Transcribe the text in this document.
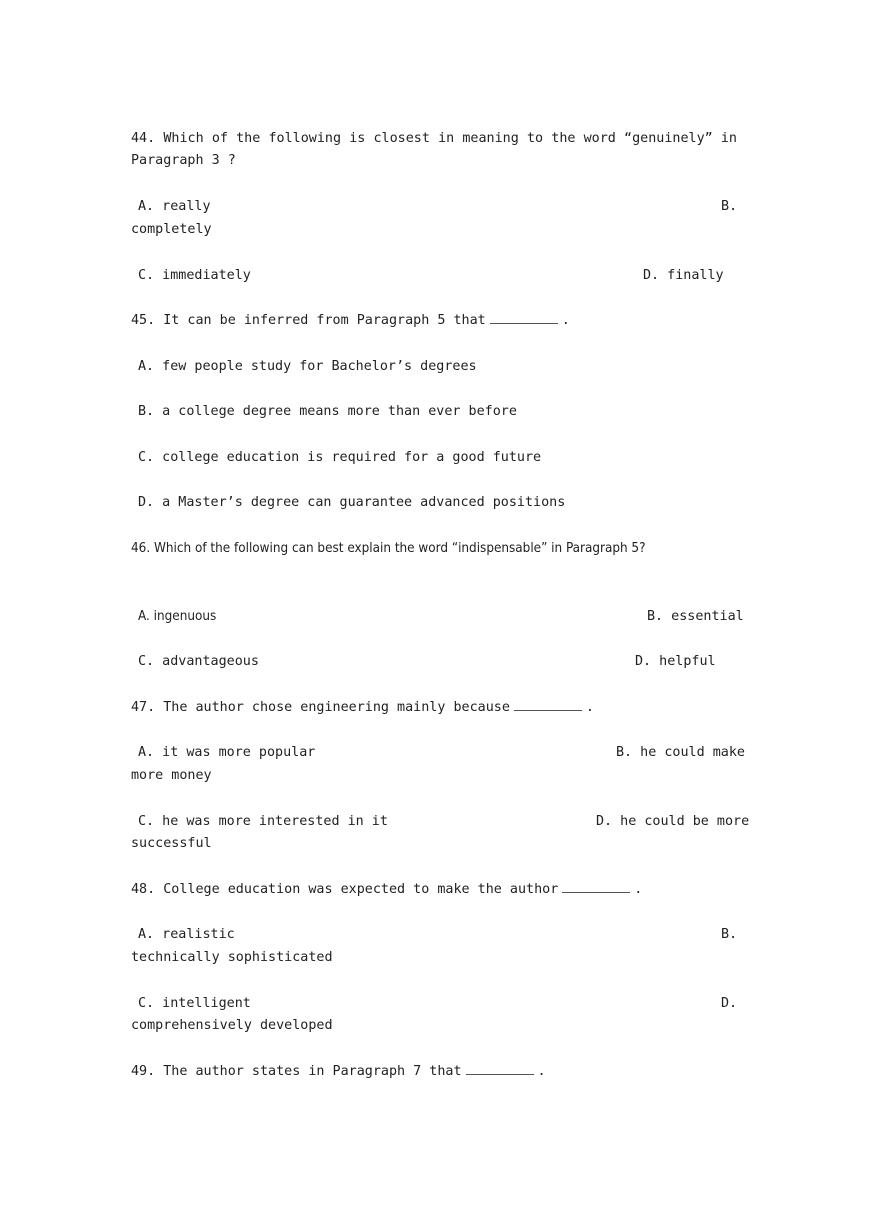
44. Which of the following is closest in meaning to the word “genuinely” in Paragraph 3 ?
A. really	B.
completely
C. immediately	D. finally
45. It can be inferred from Paragraph 5 that	.
A. few people study for Bachelor’s degrees
B. a college degree means more than ever before
C. college education is required for a good future
D. a Master’s degree can guarantee advanced positions
46. Which of the following can best explain the word “indispensable” in Paragraph 5?
A. ingenuous	B. essential
C. advantageous	D. helpful
47. The author chose engineering mainly because	.
A. it was more popular	B. he could make
more money
C. he was more interested in it	D. he could be more
successful
48. College education was expected to make the author	.
A. realistic	B.
technically sophisticated
C. intelligent	D.
comprehensively developed
49. The author states in Paragraph 7 that	.
